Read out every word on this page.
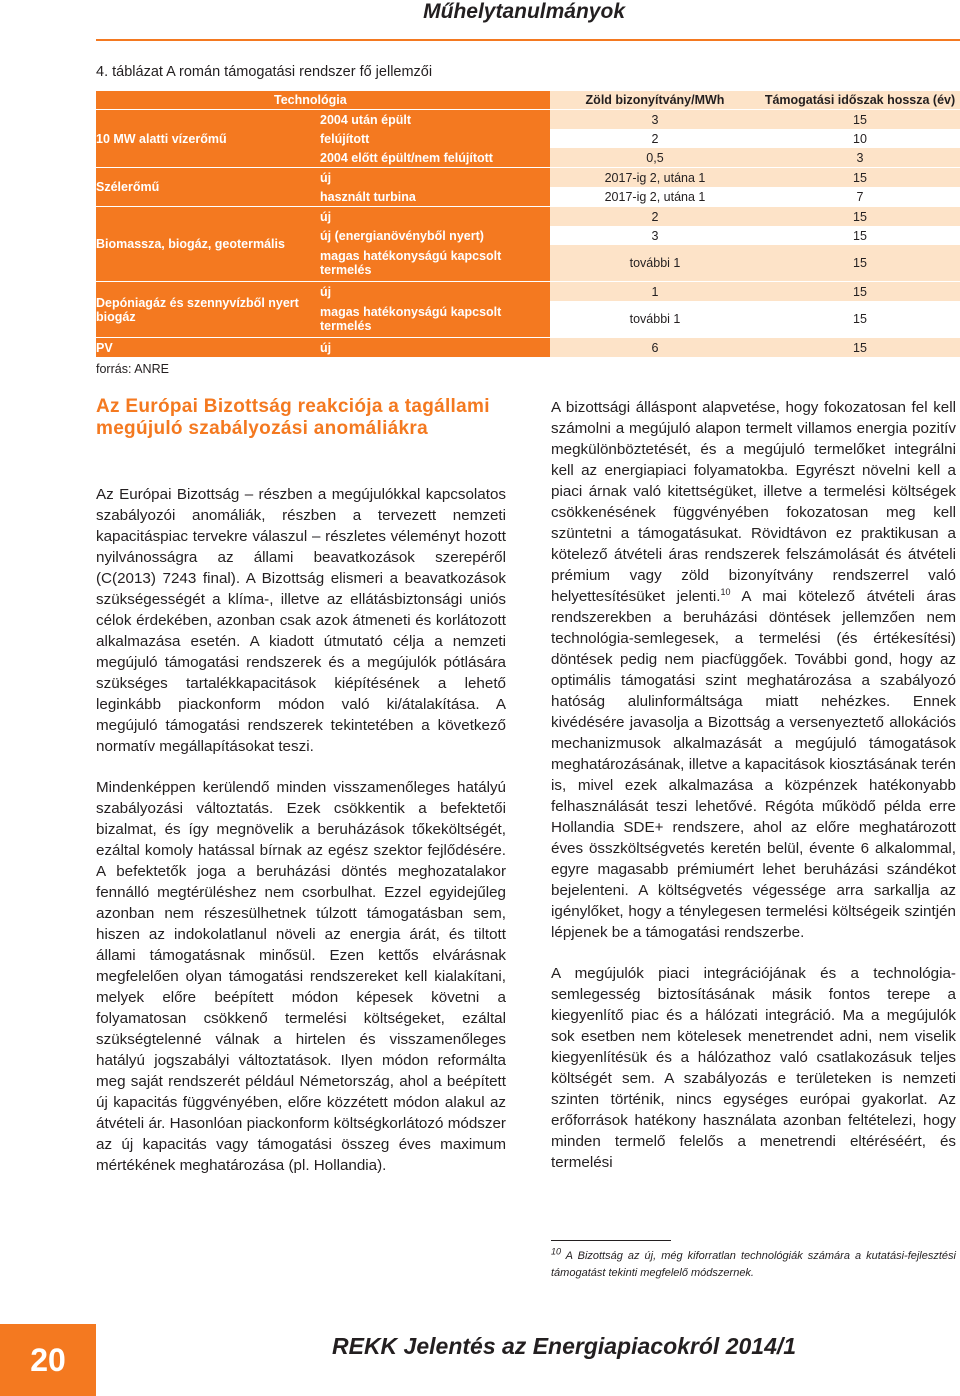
Műhelytanulmányok
4. táblázat A román támogatási rendszer fő jellemzői
Technológia	Zöld bizonyítvány/MWh	Támogatási időszak hossza (év)
10 MW alatti vízerőmű
2004 után épült	3	15
felújított	2	10
2004 előtt épült/nem felújított	0,5	3
Szélerőmű
új	2017-ig 2, utána 1	15
használt turbina	2017-ig 2, utána 1	7
Biomassza, biogáz, geotermális
új	2	15
új (energianövényből nyert)	3	15
magas hatékonyságú kapcsolt termelés	további 1	15
Depóniagáz és szennyvízből nyert biogáz
új	1	15
magas hatékonyságú kapcsolt termelés	további 1	15
PV	új	6	15
forrás: ANRE
Az Európai Bizottság reakciója a tagállami megújuló szabályozási anomáliákra

Az Európai Bizottság – részben a megújulókkal kapcsolatos szabályozói anomáliák, részben a tervezett nemzeti kapacitáspiac tervekre válaszul – részletes véleményt hozott nyilvánosságra az állami beavatkozások szerepéről (C(2013) 7243 final). A Bizottság elismeri a beavatkozások szükségességét a klíma-, illetve az ellátásbiztonsági uniós célok érdekében, azonban csak azok átmeneti és korlátozott alkalmazása esetén. A kiadott útmutató célja a nemzeti megújuló támogatási rendszerek és a megújulók pótlására szükséges tartalékkapacitások kiépítésének a lehető leginkább piackonform módon való ki/átalakítása. A megújuló támogatási rendszerek tekintetében a következő normatív megállapításokat teszi.

Mindenképpen kerülendő minden visszamenőleges hatályú szabályozási változtatás. Ezek csökkentik a befektetői bizalmat, és így megnövelik a beruházások tőkeköltségét, ezáltal komoly hatással bírnak az egész szektor fejlődésére. A befektetők joga a beruházási döntés meghozatalakor fennálló megtérüléshez nem csorbulhat. Ezzel egyidejűleg azonban nem részesülhetnek túlzott támogatásban sem, hiszen az indokolatlanul növeli az energia árát, és tiltott állami támogatásnak minősül. Ezen kettős elvárásnak megfelelően olyan támogatási rendszereket kell kialakítani, melyek előre beépített módon képesek követni a folyamatosan csökkenő termelési költségeket, ezáltal szükségtelenné válnak a hirtelen és visszamenőleges hatályú jogszabályi változtatások. Ilyen módon reformálta meg saját rendszerét például Németország, ahol a beépített új kapacitás függvényében, előre közzétett módon alakul az átvételi ár. Hasonlóan piackonform költségkorlátozó módszer az új kapacitás vagy támogatási összeg éves maximum mértékének meghatározása (pl. Hollandia).

A bizottsági álláspont alapvetése, hogy fokozatosan fel kell számolni a megújuló alapon termelt villamos energia pozitív megkülönböztetését, és a megújuló termelőket integrálni kell az energiapiaci folyamatokba. Egyrészt növelni kell a piaci árnak való kitettségüket, illetve a termelési költségek csökkenésének függvényében fokozatosan meg kell szüntetni a támogatásukat. Rövidtávon ez praktikusan a kötelező átvételi áras rendszerek felszámolását és átvételi prémium vagy zöld bizonyítvány rendszerrel való helyettesítésüket jelenti.$^{10}$ A mai kötelező átvételi áras rendszerekben a beruházási döntések jellemzően nem technológia-semlegesek, a termelési (és értékesítési) döntések pedig nem piacfüggőek. További gond, hogy az optimális támogatási szint meghatározása a szabályozó hatóság alulinformáltsága miatt nehézkes. Ennek kivédésére javasolja a Bizottság a versenyeztető allokációs mechanizmusok alkalmazását a megújuló támogatások meghatározásának, illetve a kapacitások kiosztásának terén is, mivel ezek alkalmazása a közpénzek hatékonyabb felhasználását teszi lehetővé. Régóta működő példa erre Hollandia SDE+ rendszere, ahol az előre meghatározott éves összköltségvetés keretén belül, évente 6 alkalommal, egyre magasabb prémiumért lehet beruházási szándékot bejelenteni. A költségvetés végessége arra sarkallja az igénylőket, hogy a ténylegesen termelési költségeik szintjén lépjenek be a támogatási rendszerbe.

A megújulók piaci integrációjának és a technológia-semlegesség biztosításának másik fontos terepe a kiegyenlítő piac és a hálózati integráció. Ma a megújulók sok esetben nem kötelesek menetrendet adni, nem viselik kiegyenlítésük és a hálózathoz való csatlakozásuk teljes költségét sem. A szabályozás e területeken is nemzeti szinten történik, nincs egységes európai gyakorlat. Az erőforrások hatékony használata azonban feltételezi, hogy minden termelő felelős a menetrendi eltéréséért, és termelési

$^{10}$ A Bizottság az új, még kiforratlan technológiák számára a kutatási-fejlesztési támogatást tekinti megfelelő módszernek.
20	REKK Jelentés az Energiapiacokról 2014/1
